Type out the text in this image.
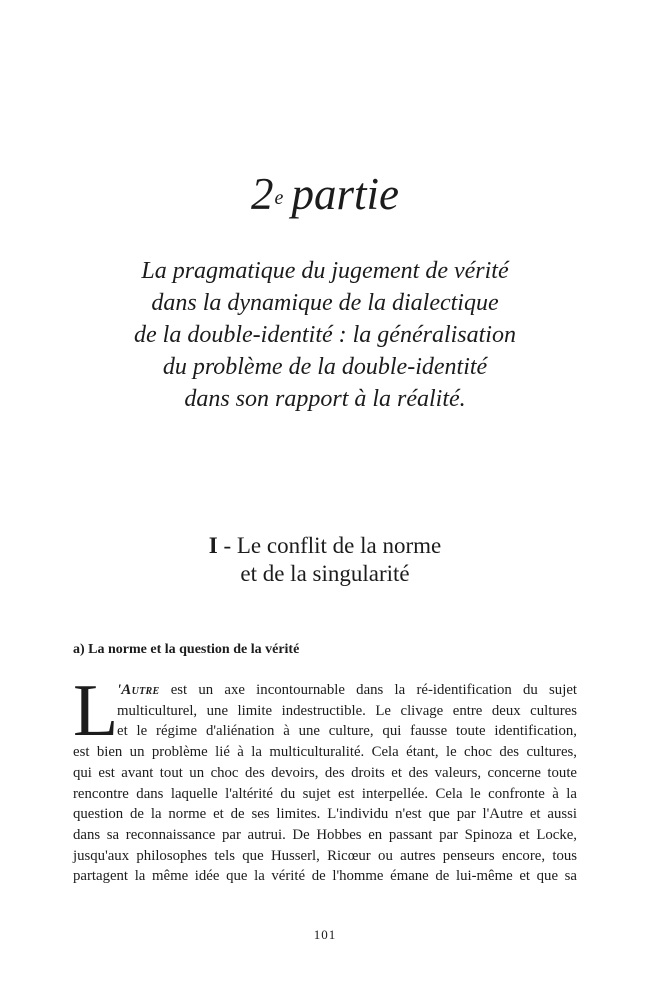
2e partie
La pragmatique du jugement de vérité
dans la dynamique de la dialectique
de la double-identité : la généralisation
du problème de la double-identité
dans son rapport à la réalité.
I - Le conflit de la norme
et de la singularité
a) La norme et la question de la vérité
L
'Autre est un axe incontournable dans la ré-identification du sujet
multiculturel, une limite indestructible. Le clivage entre deux cultures
et le régime d'aliénation à une culture, qui fausse toute identification,
est bien un problème lié à la multiculturalité. Cela étant, le choc des cultures,
qui est avant tout un choc des devoirs, des droits et des valeurs, concerne toute
rencontre dans laquelle l'altérité du sujet est interpellée. Cela le confronte à la
question de la norme et de ses limites. L'individu n'est que par l'Autre et aussi
dans sa reconnaissance par autrui. De Hobbes en passant par Spinoza et Locke,
jusqu'aux philosophes tels que Husserl, Ricœur ou autres penseurs encore, tous
partagent la même idée que la vérité de l'homme émane de lui-même et que sa
101
